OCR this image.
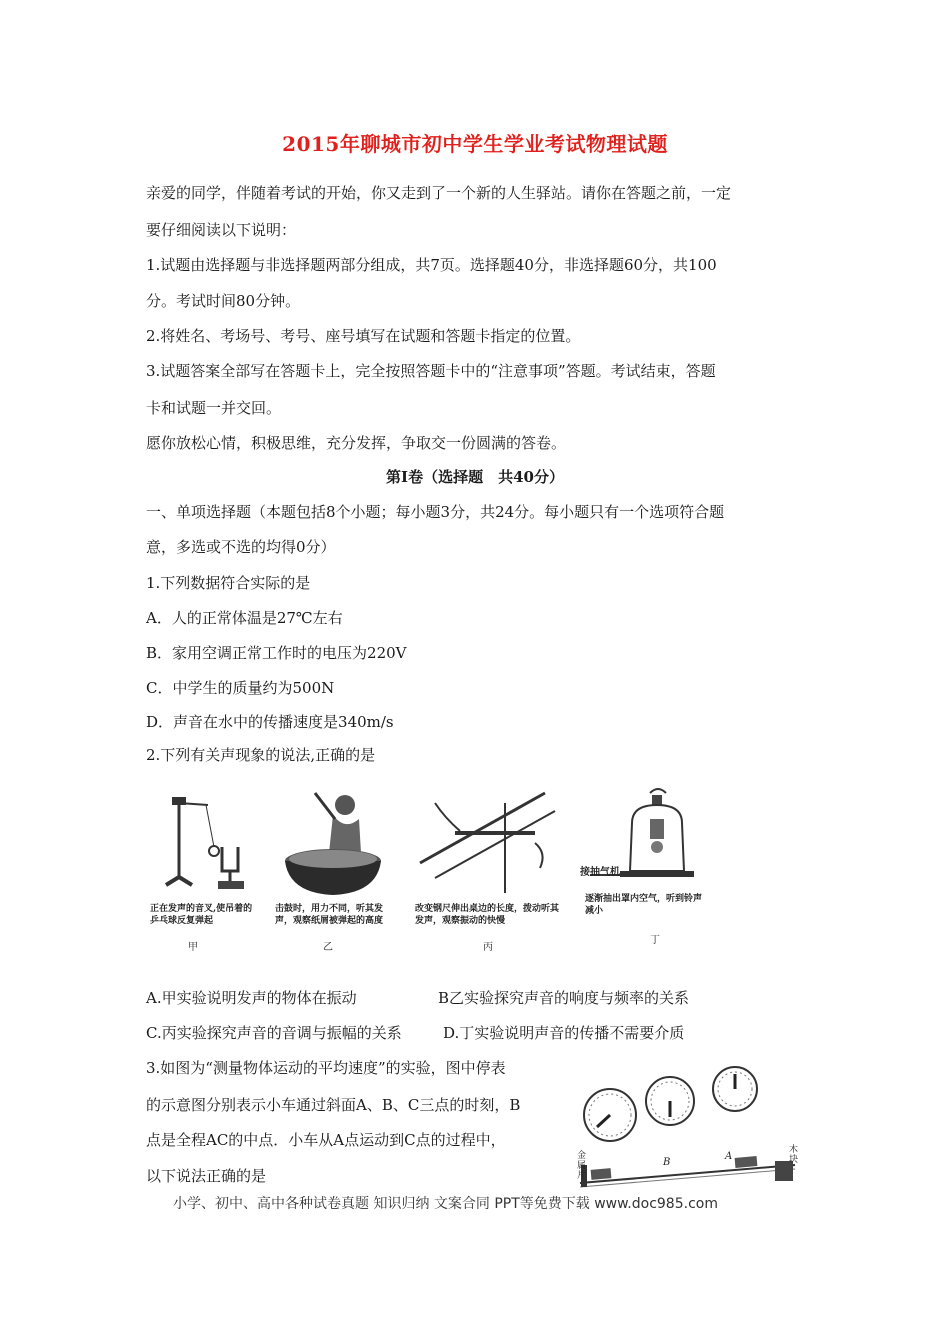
2015年聊城市初中学生学业考试物理试题
亲爱的同学，伴随着考试的开始，你又走到了一个新的人生驿站。请你在答题之前，一定
要仔细阅读以下说明：
1.试题由选择题与非选择题两部分组成，共7页。选择题40分，非选择题60分，共100
分。考试时间80分钟。
2.将姓名、考场号、考号、座号填写在试题和答题卡指定的位置。
3.试题答案全部写在答题卡上，完全按照答题卡中的“注意事项”答题。考试结束，答题
卡和试题一并交回。
愿你放松心情，积极思维，充分发挥，争取交一份圆满的答卷。
第Ⅰ卷（选择题　共40分）
一、单项选择题（本题包括8个小题；每小题3分，共24分。每小题只有一个选项符合题
意，多选或不选的均得0分）
1.下列数据符合实际的是
A．人的正常体温是27℃左右
B．家用空调正常工作时的电压为220V
C．中学生的质量约为500N
D．声音在水中的传播速度是340m/s
2.下列有关声现象的说法,正确的是
正在发声的音叉,使吊着的乒乓球反复弹起
甲
击鼓时，用力不同，听其发声，观察纸屑被弹起的高度
乙
改变钢尺伸出桌边的长度，拨动听其发声，观察振动的快慢
丙
接抽气机
逐渐抽出罩内空气，听到铃声减小
丁
A.甲实验说明发声的物体在振动	B乙实验探究声音的响度与频率的关系
C.丙实验探究声音的音调与振幅的关系	D.丁实验说明声音的传播不需要介质
3.如图为“测量物体运动的平均速度”的实验，图中停表
的示意图分别表示小车通过斜面A、B、C三点的时刻，B
点是全程AC的中点．小车从A点运动到C点的过程中，
以下说法正确的是
金属片
B
A
木块
小学、初中、高中各种试卷真题 知识归纳 文案合同 PPT等免费下载 www.doc985.com
